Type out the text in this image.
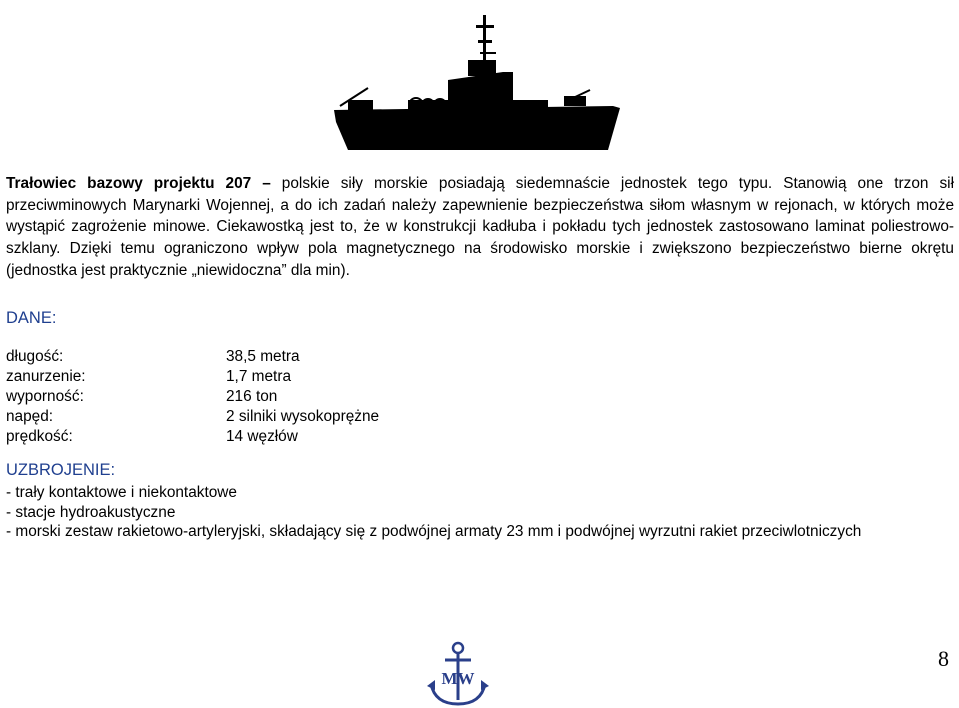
Trałowiec bazowy projektu 207 – polskie siły morskie posiadają siedemnaście jednostek tego typu. Stanowią one trzon sił przeciwminowych Marynarki Wojennej, a do ich zadań należy zapewnienie bezpieczeństwa siłom własnym w rejonach, w których może wystąpić zagrożenie minowe. Ciekawostką jest to, że w konstrukcji kadłuba i pokładu tych jednostek zastosowano laminat poliestrowo-szklany. Dzięki temu ograniczono wpływ pola magnetycznego na środowisko morskie i zwiększono bezpieczeństwo bierne okrętu (jednostka jest praktycznie „niewidoczna” dla min).

DANE:
długość:	38,5 metra
zanurzenie:	1,7 metra
wyporność:	216 ton
napęd:	2 silniki wysokoprężne
prędkość:	14 węzłów
UZBROJENIE:
- trały kontaktowe i niekontaktowe
- stacje hydroakustyczne
- morski zestaw rakietowo-artyleryjski, składający się z podwójnej armaty 23 mm i podwójnej wyrzutni rakiet przeciwlotniczych
MW
8
